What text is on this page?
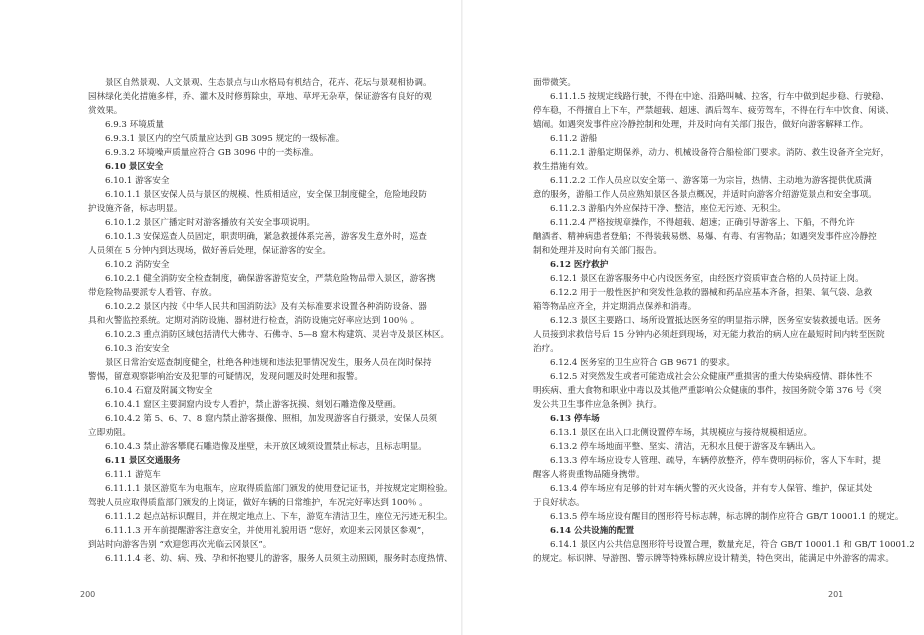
景区自然景观、人文景观、生态景点与山水格局有机结合，花卉、花坛与景观相协调。
园林绿化美化措施多样，乔、灌木及时修剪除虫，草地、草坪无杂草，保证游客有良好的观
赏效果。
6.9.3 环境质量
6.9.3.1 景区内的空气质量应达到 GB 3095 规定的一级标准。
6.9.3.2 环境噪声质量应符合 GB 3096 中的一类标准。
6.10 景区安全
6.10.1 游客安全
6.10.1.1 景区安保人员与景区的规模、性质相适应，安全保卫制度健全，危险地段防
护设施齐备，标志明显。
6.10.1.2 景区广播定时对游客播放有关安全事项说明。
6.10.1.3 安保巡查人员固定，职责明确，紧急救援体系完善，游客发生意外时，巡查
人员须在 5 分钟内到达现场，做好善后处理，保证游客的安全。
6.10.2 消防安全
6.10.2.1 健全消防安全检查制度，确保游客游览安全，严禁危险物品带入景区，游客携
带危险物品要派专人看管、存放。
6.10.2.2 景区内按《中华人民共和国消防法》及有关标准要求设置各种消防设备、器
具和火警监控系统。定期对消防设施、器材进行检查，消防设施完好率应达到 100％ 。
6.10.2.3 重点消防区域包括清代大佛寺、石佛寺、5—8 窟木构建筑、灵岩寺及景区林区。
6.10.3 治安安全
景区日常治安巡查制度健全，杜绝各种违规和违法犯罪情况发生，服务人员在岗时保持
警惕，留意观察影响治安及犯罪的可疑情况，发现问题及时处理和报警。
6.10.4 石窟及附属文物安全
6.10.4.1 窟区主要洞窟内设专人看护，禁止游客抚摸、刻划石雕造像及壁画。
6.10.4.2 第 5、6、7、8 窟内禁止游客摄像、照相，加发现游客自行摄录，安保人员须
立即劝阻。
6.10.4.3 禁止游客攀爬石雕造像及崖壁，未开放区域须设置禁止标志，且标志明显。
6.11 景区交通服务
6.11.1 游览车
6.11.1.1 景区游览车为电瓶车，应取得质监部门颁发的使用登记证书，并按规定定期检验。
驾驶人员应取得质监部门颁发的上岗证，做好车辆的日常维护，车况完好率达到 100％ 。
6.11.1.2 起点站标识醒目，并在规定地点上、下车，游览车清洁卫生，座位无污迹无积尘。
6.11.1.3 开车前提醒游客注意安全，并使用礼貌用语 “您好，欢迎来云冈景区参观”，
到站时向游客告别 “欢迎您再次光临云冈景区”。
6.11.1.4 老、幼、病、残、孕和怀抱婴儿的游客，服务人员须主动照顾，服务时态度热情、
面带微笑。
6.11.1.5 按规定线路行驶，不得在中途、沿路叫喊、拉客，行车中做到起步稳、行驶稳、
停车稳，不得擅自上下车，严禁超载、超速、酒后驾车、疲劳驾车，不得在行车中饮食、闲谈、
嬉闹。如遇突发事件应冷静控制和处理，并及时向有关部门报告，做好向游客解释工作。
6.11.2 游船
6.11.2.1 游船定期保养，动力、机械设备符合船检部门要求。消防、救生设备齐全完好，
救生措施有效。
6.11.2.2 工作人员应以安全第一、游客第一为宗旨，热情、主动地为游客提供优质满
意的服务，游船工作人员应熟知景区各景点概况，并适时向游客介绍游览景点和安全事项。
6.11.2.3 游船内外应保持干净、整洁，座位无污迹、无积尘。
6.11.2.4 严格按规章操作，不得超载、超速；正确引导游客上、下船，不得允许
酗酒者、精神病患者登船；不得装载易燃、易爆、有毒、有害物品；如遇突发事件应冷静控
制和处理并及时向有关部门报告。
6.12 医疗救护
6.12.1 景区在游客服务中心内设医务室，由经医疗资质审查合格的人员持证上岗。
6.12.2 用于一般性医护和突发性急救的器械和药品应基本齐备，担架、氧气袋、急救
箱等物品应齐全，并定期消点保养和消毒。
6.12.3 景区主要路口、场所设置抵达医务室的明显指示牌，医务室安装救援电话。医务
人员接到求救信号后 15 分钟内必须赶到现场，对无能力救治的病人应在最短时间内转至医院
治疗。
6.12.4 医务室的卫生应符合 GB 9671 的要求。
6.12.5 对突然发生或者可能造成社会公众健康严重损害的重大传染病疫情、群体性不
明疾病、重大食物和职业中毒以及其他严重影响公众健康的事件，按国务院令第 376 号《突
发公共卫生事件应急条例》执行。
6.13 停车场
6.13.1 景区在出入口北侧设置停车场，其规模应与接待规模相适应。
6.13.2 停车场地面平整、坚实、清洁，无积水且便于游客及车辆出入。
6.13.3 停车场应设专人管理、疏导，车辆停放整齐，停车费明码标价，客人下车时，提
醒客人将贵重物品随身携带。
6.13.4 停车场应有足够的针对车辆火警的灭火设备，并有专人保管、维护，保证其处
于良好状态。
6.13.5 停车场应设有醒目的图形符号标志牌，标志牌的制作应符合 GB/T 10001.1 的规定。
6.14 公共设施的配置
6.14.1 景区内公共信息图形符号设置合理，数量充足，符合 GB/T 10001.1 和 GB/T 10001.2
的规定。标识牌、导游图、警示牌等特殊标牌应设计精美，特色突出，能满足中外游客的需求。
200	201
